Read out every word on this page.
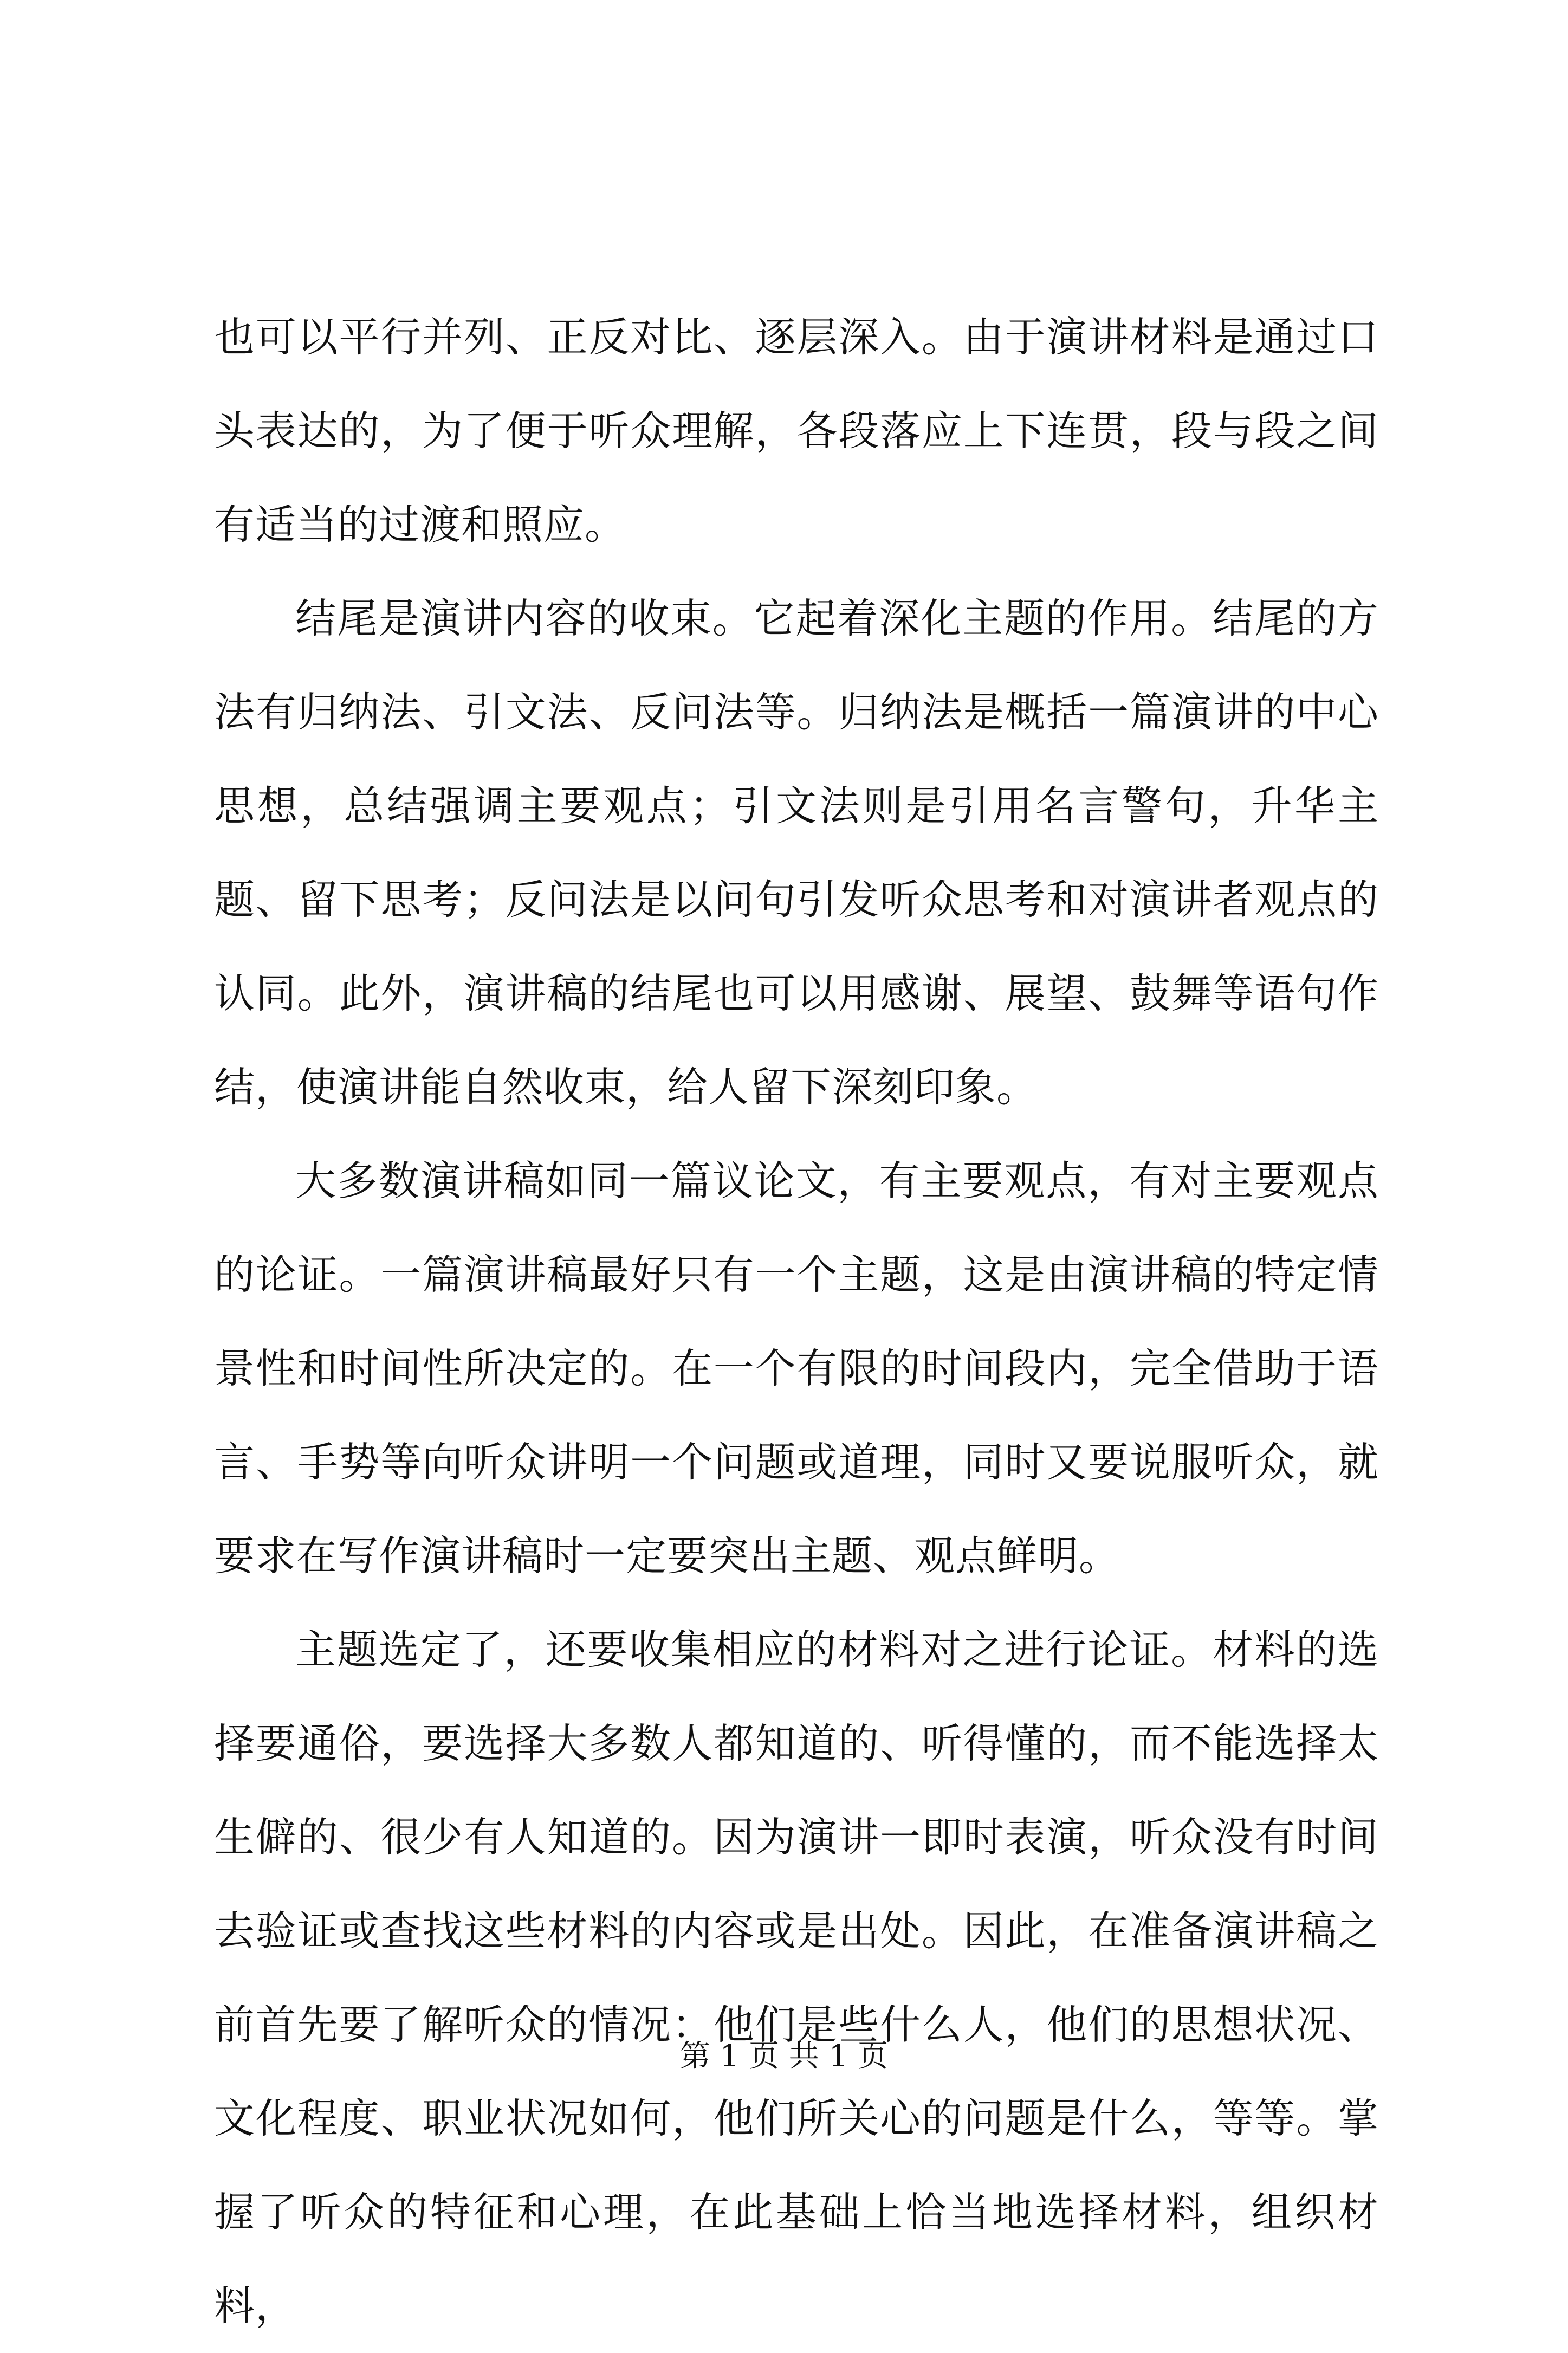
也可以平行并列、正反对比、逐层深入。由于演讲材料是通过口头表达的，为了便于听众理解，各段落应上下连贯，段与段之间有适当的过渡和照应。

结尾是演讲内容的收束。它起着深化主题的作用。结尾的方法有归纳法、引文法、反问法等。归纳法是概括一篇演讲的中心思想，总结强调主要观点；引文法则是引用名言警句，升华主题、留下思考；反问法是以问句引发听众思考和对演讲者观点的认同。此外，演讲稿的结尾也可以用感谢、展望、鼓舞等语句作结，使演讲能自然收束，给人留下深刻印象。

大多数演讲稿如同一篇议论文，有主要观点，有对主要观点的论证。一篇演讲稿最好只有一个主题，这是由演讲稿的特定情景性和时间性所决定的。在一个有限的时间段内，完全借助于语言、手势等向听众讲明一个问题或道理，同时又要说服听众，就要求在写作演讲稿时一定要突出主题、观点鲜明。

主题选定了，还要收集相应的材料对之进行论证。材料的选择要通俗，要选择大多数人都知道的、听得懂的，而不能选择太生僻的、很少有人知道的。因为演讲一即时表演，听众没有时间去验证或查找这些材料的内容或是出处。因此，在准备演讲稿之前首先要了解听众的情况：他们是些什么人，他们的思想状况、文化程度、职业状况如何，他们所关心的问题是什么，等等。掌握了听众的特征和心理，在此基础上恰当地选择材料，组织材料，

第 1 页 共 1 页
